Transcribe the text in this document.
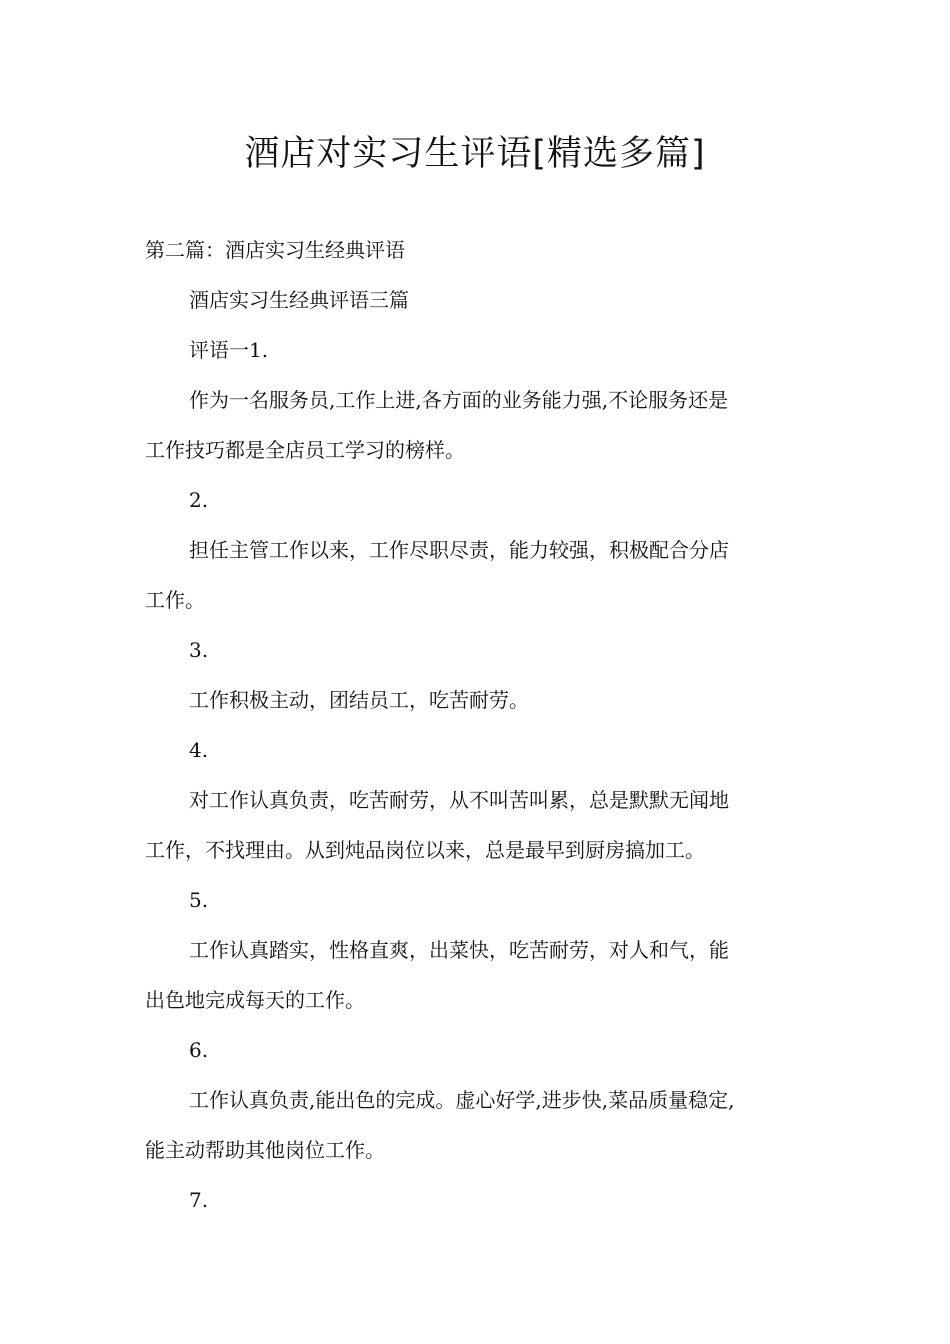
酒店对实习生评语[精选多篇]
第二篇：酒店实习生经典评语
酒店实习生经典评语三篇
评语一1.
作为一名服务员,工作上进,各方面的业务能力强,不论服务还是
工作技巧都是全店员工学习的榜样。
2.
担任主管工作以来，工作尽职尽责，能力较强，积极配合分店
工作。
3.
工作积极主动，团结员工，吃苦耐劳。
4.
对工作认真负责，吃苦耐劳，从不叫苦叫累，总是默默无闻地
工作，不找理由。从到炖品岗位以来，总是最早到厨房搞加工。
5.
工作认真踏实，性格直爽，出菜快，吃苦耐劳，对人和气，能
出色地完成每天的工作。
6.
工作认真负责,能出色的完成。虚心好学,进步快,菜品质量稳定,
能主动帮助其他岗位工作。
7.
